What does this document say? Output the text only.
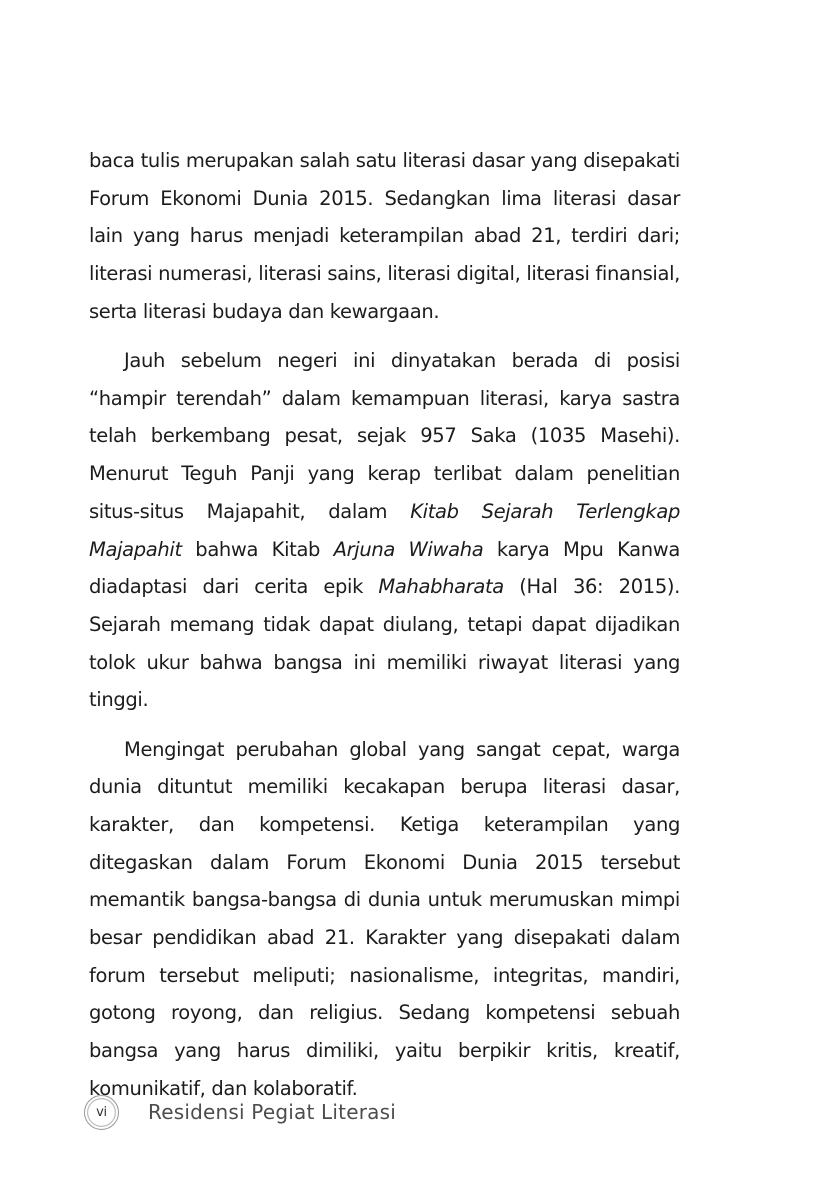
baca tulis merupakan salah satu literasi dasar yang disepakati Forum Ekonomi Dunia 2015. Sedangkan lima literasi dasar lain yang harus menjadi keterampilan abad 21, terdiri dari; literasi numerasi, literasi sains, literasi digital, literasi finansial, serta literasi budaya dan kewargaan.

Jauh sebelum negeri ini dinyatakan berada di posisi “hampir terendah” dalam kemampuan literasi, karya sastra telah berkembang pesat, sejak 957 Saka (1035 Masehi). Menurut Teguh Panji yang kerap terlibat dalam penelitian situs-situs Majapahit, dalam Kitab Sejarah Terlengkap Majapahit bahwa Kitab Arjuna Wiwaha karya Mpu Kanwa diadaptasi dari cerita epik Mahabharata (Hal 36: 2015). Sejarah memang tidak dapat diulang, tetapi dapat dijadikan tolok ukur bahwa bangsa ini memiliki riwayat literasi yang tinggi.

Mengingat perubahan global yang sangat cepat, warga dunia dituntut memiliki kecakapan berupa literasi dasar, karakter, dan kompetensi. Ketiga keterampilan yang ditegaskan dalam Forum Ekonomi Dunia 2015 tersebut memantik bangsa-bangsa di dunia untuk merumuskan mimpi besar pendidikan abad 21. Karakter yang disepakati dalam forum tersebut meliputi; nasionalisme, integritas, mandiri, gotong royong, dan religius. Sedang kompetensi sebuah bangsa yang harus dimiliki, yaitu berpikir kritis, kreatif, komunikatif, dan kolaboratif.

vi Residensi Pegiat Literasi
